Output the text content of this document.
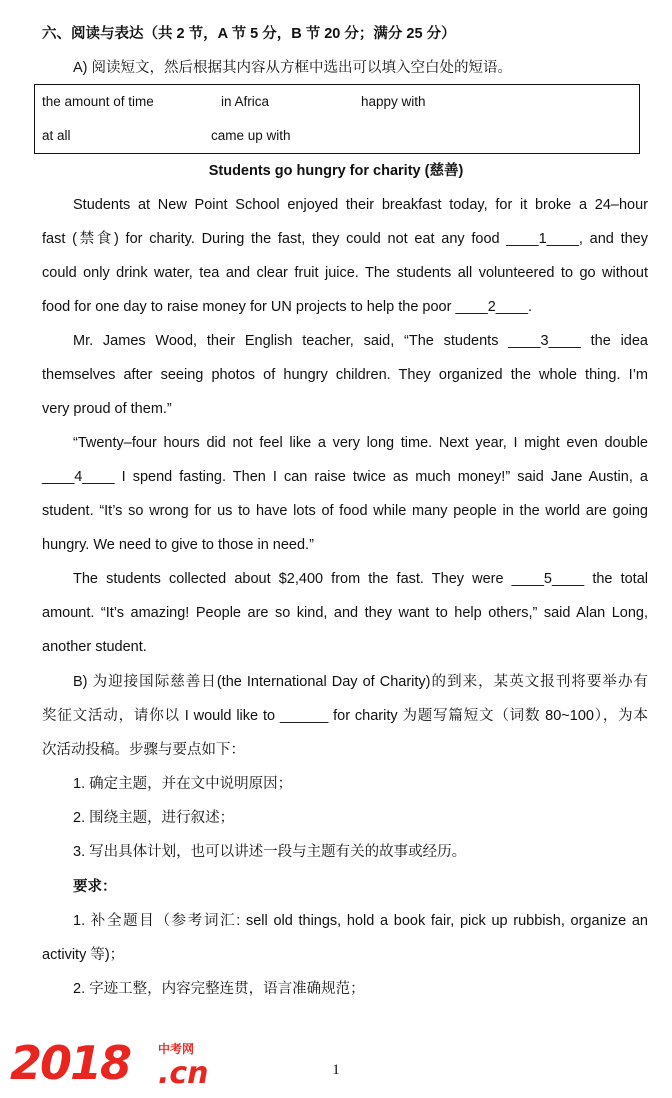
六、阅读与表达（共 2 节，A 节 5 分，B 节 20 分；满分 25 分）
A) 阅读短文，然后根据其内容从方框中选出可以填入空白处的短语。
the amount of time	in Africa	happy with
at all	came up with
Students go hungry for charity (慈善)
Students at New Point School enjoyed their breakfast today, for it broke a 24–hour
fast (禁食) for charity. During the fast, they could not eat any food ____1____, and they
could only drink water, tea and clear fruit juice. The students all volunteered to go without
food for one day to raise money for UN projects to help the poor ____2____.
Mr. James Wood, their English teacher, said, “The students ____3____ the idea
themselves after seeing photos of hungry children. They organized the whole thing. I’m
very proud of them.”
“Twenty–four hours did not feel like a very long time. Next year, I might even double
____4____ I spend fasting. Then I can raise twice as much money!” said Jane Austin, a
student. “It’s so wrong for us to have lots of food while many people in the world are going
hungry. We need to give to those in need.”
The students collected about $2,400 from the fast. They were ____5____ the total
amount. “It’s amazing! People are so kind, and they want to help others,” said Alan Long,
another student.
B) 为迎接国际慈善日(the International Day of Charity)的到来，某英文报刊将要举办有
奖征文活动，请你以 I would like to ______ for charity 为题写篇短文（词数 80~100），为本
次活动投稿。步骤与要点如下：
1. 确定主题，并在文中说明原因；
2. 围绕主题，进行叙述；
3. 写出具体计划，也可以讲述一段与主题有关的故事或经历。
要求：
1. 补全题目（参考词汇: sell old things, hold a book fair, pick up rubbish, organize an
activity 等)；
2. 字迹工整，内容完整连贯，语言准确规范；
2018 中考网
.cn	1
